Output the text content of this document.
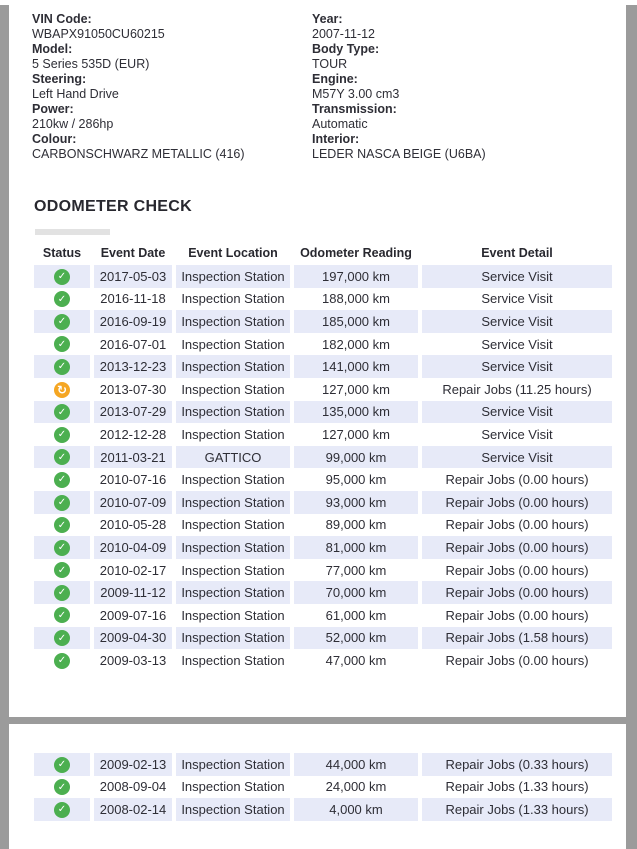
VIN Code:
WBAPX91050CU60215
Model:
5 Series 535D (EUR)
Steering:
Left Hand Drive
Power:
210kw / 286hp
Colour:
CARBONSCHWARZ METALLIC (416)
Year:
2007-11-12
Body Type:
TOUR
Engine:
M57Y 3.00 cm3
Transmission:
Automatic
Interior:
LEDER NASCA BEIGE (U6BA)
ODOMETER CHECK
Status	Event Date	Event Location	Odometer Reading	Event Detail
✓	2017-05-03	Inspection Station	197,000 km	Service Visit
✓	2016-11-18	Inspection Station	188,000 km	Service Visit
✓	2016-09-19	Inspection Station	185,000 km	Service Visit
✓	2016-07-01	Inspection Station	182,000 km	Service Visit
✓	2013-12-23	Inspection Station	141,000 km	Service Visit
↻	2013-07-30	Inspection Station	127,000 km	Repair Jobs (11.25 hours)
✓	2013-07-29	Inspection Station	135,000 km	Service Visit
✓	2012-12-28	Inspection Station	127,000 km	Service Visit
✓	2011-03-21	GATTICO	99,000 km	Service Visit
✓	2010-07-16	Inspection Station	95,000 km	Repair Jobs (0.00 hours)
✓	2010-07-09	Inspection Station	93,000 km	Repair Jobs (0.00 hours)
✓	2010-05-28	Inspection Station	89,000 km	Repair Jobs (0.00 hours)
✓	2010-04-09	Inspection Station	81,000 km	Repair Jobs (0.00 hours)
✓	2010-02-17	Inspection Station	77,000 km	Repair Jobs (0.00 hours)
✓	2009-11-12	Inspection Station	70,000 km	Repair Jobs (0.00 hours)
✓	2009-07-16	Inspection Station	61,000 km	Repair Jobs (0.00 hours)
✓	2009-04-30	Inspection Station	52,000 km	Repair Jobs (1.58 hours)
✓	2009-03-13	Inspection Station	47,000 km	Repair Jobs (0.00 hours)
✓	2009-02-13	Inspection Station	44,000 km	Repair Jobs (0.33 hours)
✓	2008-09-04	Inspection Station	24,000 km	Repair Jobs (1.33 hours)
✓	2008-02-14	Inspection Station	4,000 km	Repair Jobs (1.33 hours)
